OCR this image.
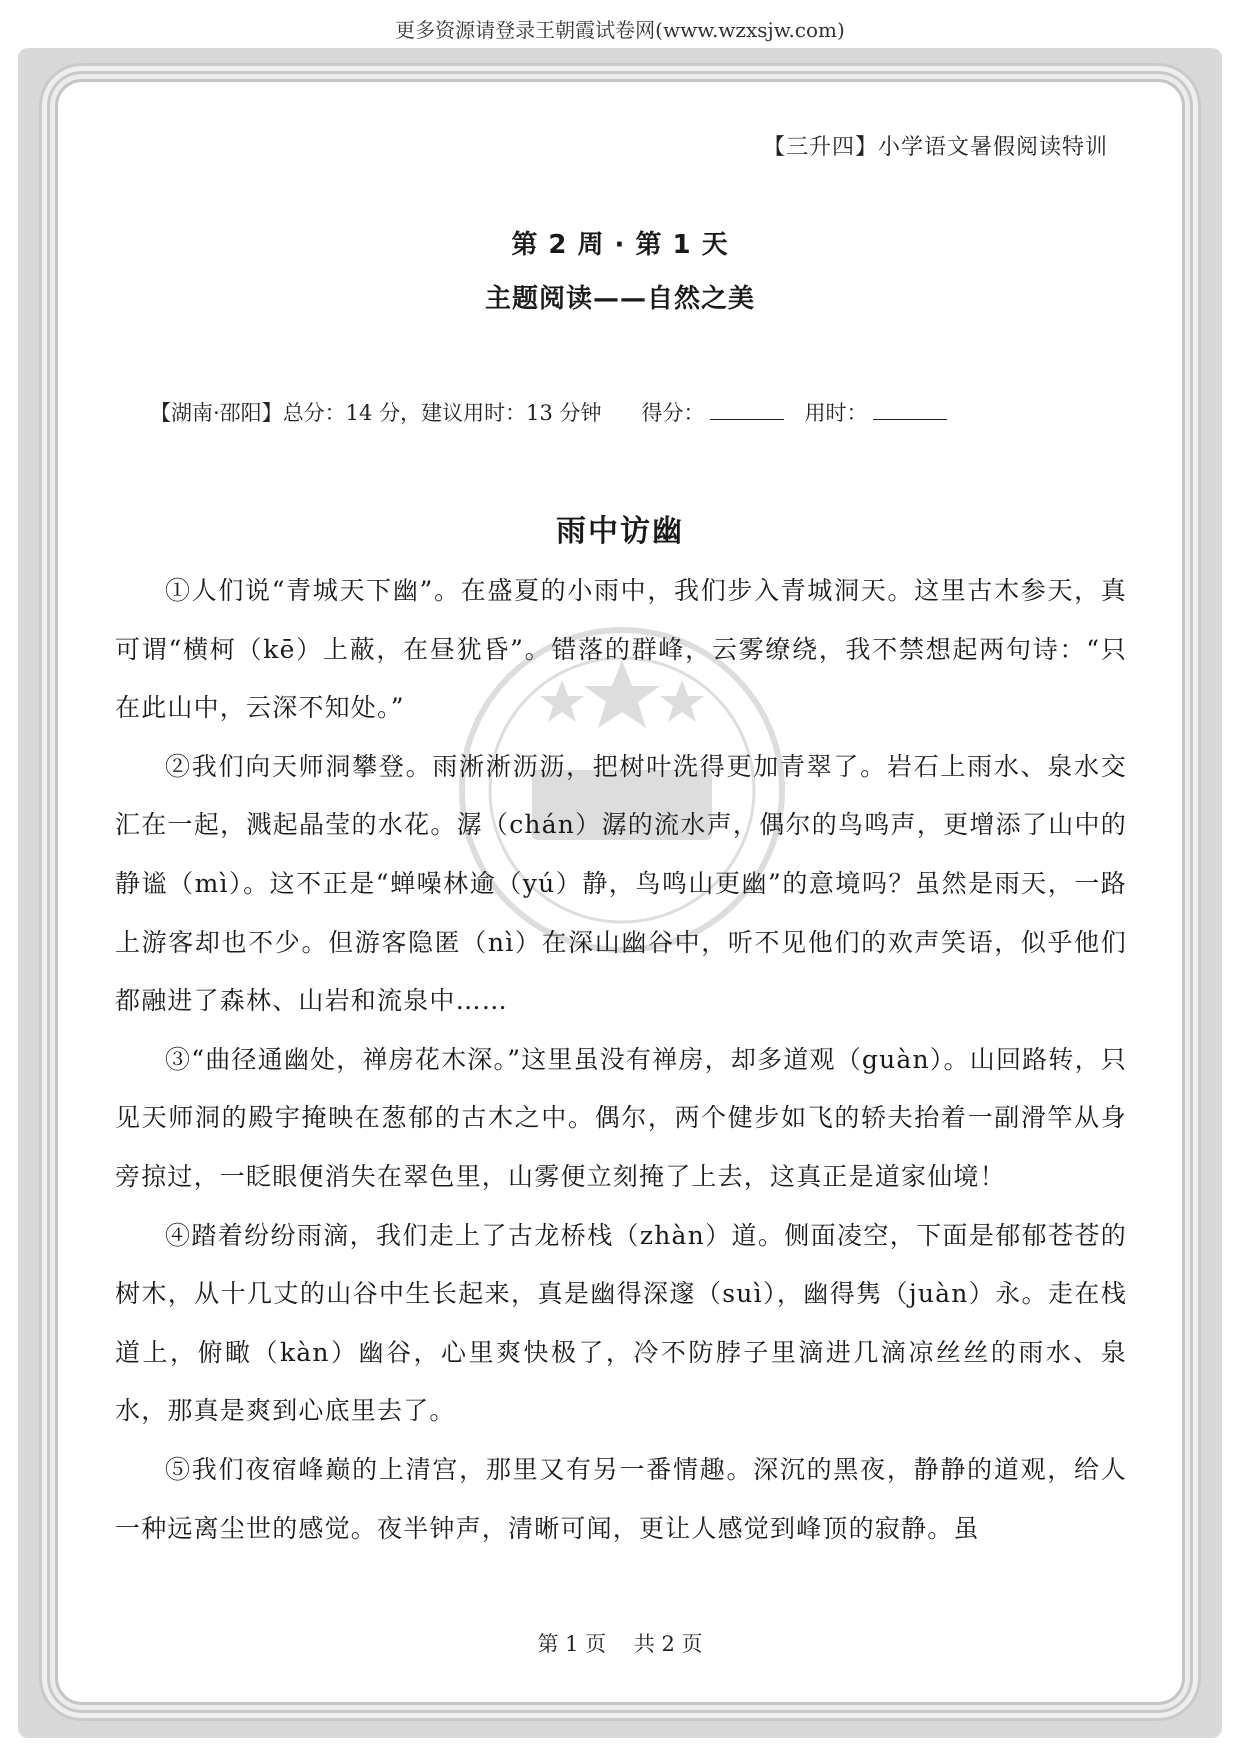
更多资源请登录王朝霞试卷网(www.wzxsjw.com)
【三升四】小学语文暑假阅读特训
第 2 周 · 第 1 天
主题阅读——自然之美
【湖南·邵阳】总分：14 分，建议用时：13 分钟 得分：	用时：
雨中访幽

①人们说“青城天下幽”。在盛夏的小雨中，我们步入青城洞天。这里古木参天，真可谓“横柯（kē）上蔽，在昼犹昏”。错落的群峰，云雾缭绕，我不禁想起两句诗：“只在此山中，云深不知处。”

②我们向天师洞攀登。雨淅淅沥沥，把树叶洗得更加青翠了。岩石上雨水、泉水交汇在一起，溅起晶莹的水花。潺（chán）潺的流水声，偶尔的鸟鸣声，更增添了山中的静谧（mì）。这不正是“蝉噪林逾（yú）静，鸟鸣山更幽”的意境吗？虽然是雨天，一路上游客却也不少。但游客隐匿（nì）在深山幽谷中，听不见他们的欢声笑语，似乎他们都融进了森林、山岩和流泉中……

③“曲径通幽处，禅房花木深。”这里虽没有禅房，却多道观（guàn）。山回路转，只见天师洞的殿宇掩映在葱郁的古木之中。偶尔，两个健步如飞的轿夫抬着一副滑竿从身旁掠过，一眨眼便消失在翠色里，山雾便立刻掩了上去，这真正是道家仙境！

④踏着纷纷雨滴，我们走上了古龙桥栈（zhàn）道。侧面凌空，下面是郁郁苍苍的树木，从十几丈的山谷中生长起来，真是幽得深邃（suì），幽得隽（juàn）永。走在栈道上，俯瞰（kàn）幽谷，心里爽快极了，冷不防脖子里滴进几滴凉丝丝的雨水、泉水，那真是爽到心底里去了。

⑤我们夜宿峰巅的上清宫，那里又有另一番情趣。深沉的黑夜，静静的道观，给人一种远离尘世的感觉。夜半钟声，清晰可闻，更让人感觉到峰顶的寂静。虽

第 1 页　 共 2 页
